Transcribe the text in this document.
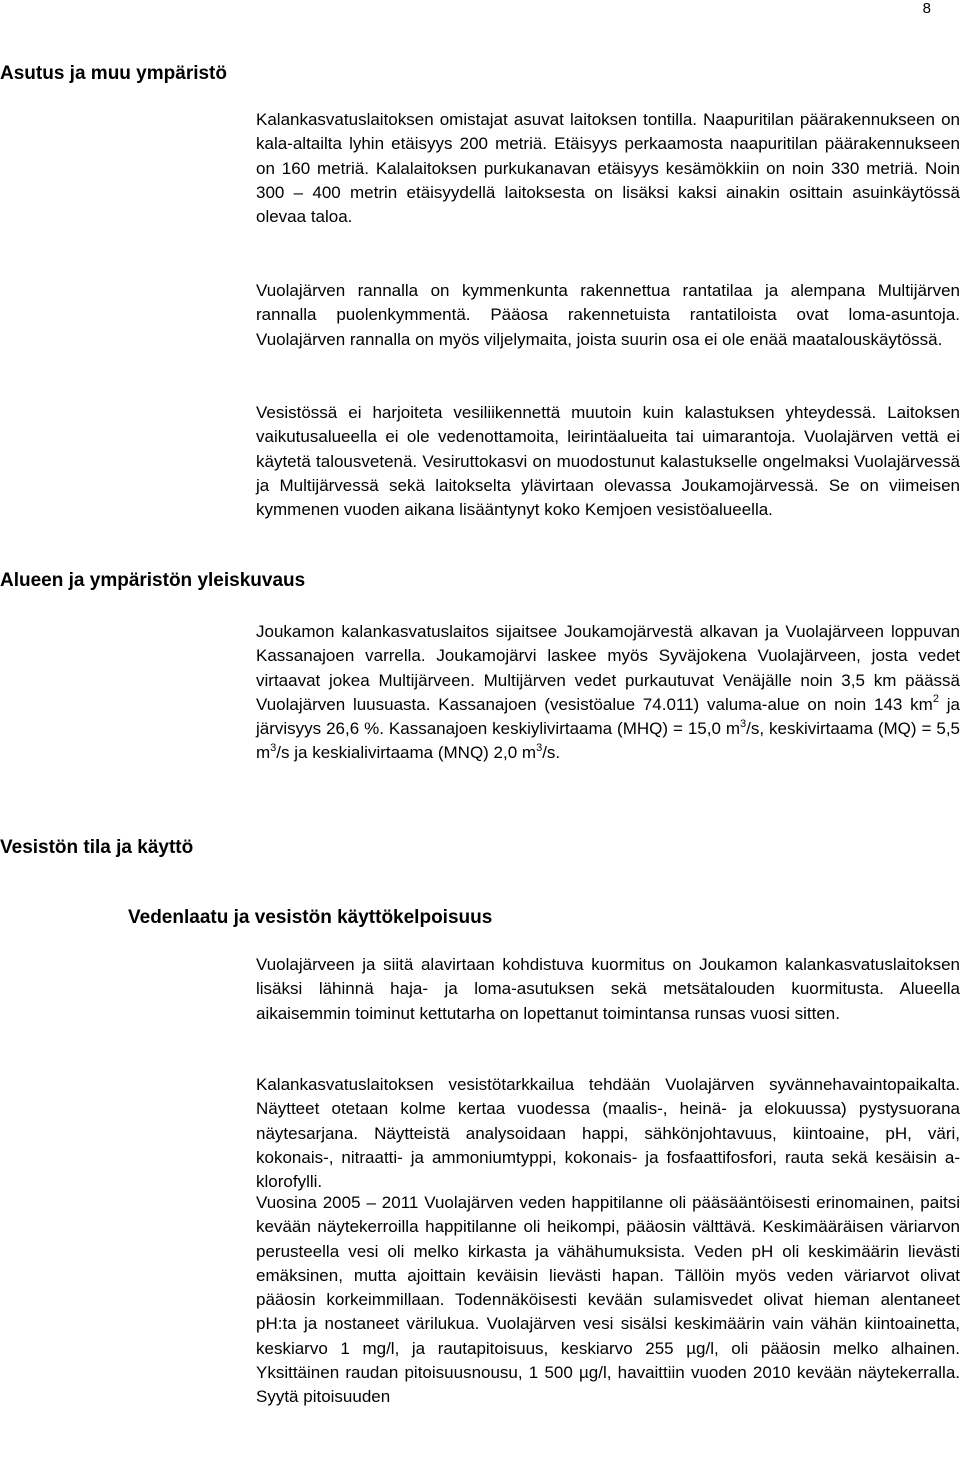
8
Asutus ja muu ympäristö

Kalankasvatuslaitoksen omistajat asuvat laitoksen tontilla. Naapuritilan päärakennukseen on kala-altailta lyhin etäisyys 200 metriä. Etäisyys perkaamosta naapuritilan päärakennukseen on 160 metriä. Kalalaitoksen purkukanavan etäisyys kesämökkiin on noin 330 metriä. Noin 300 – 400 metrin etäisyydellä laitoksesta on lisäksi kaksi ainakin osittain asuinkäytössä olevaa taloa.

Vuolajärven rannalla on kymmenkunta rakennettua rantatilaa ja alempana Multijärven rannalla puolenkymmentä. Pääosa rakennetuista rantatiloista ovat loma-asuntoja. Vuolajärven rannalla on myös viljelymaita, joista suurin osa ei ole enää maatalouskäytössä.

Vesistössä ei harjoiteta vesiliikennettä muutoin kuin kalastuksen yhteydessä. Laitoksen vaikutusalueella ei ole vedenottamoita, leirintäalueita tai uimarantoja. Vuolajärven vettä ei käytetä talousvetenä. Vesiruttokasvi on muodostunut kalastukselle ongelmaksi Vuolajärvessä ja Multijärvessä sekä laitokselta ylävirtaan olevassa Joukamojärvessä. Se on viimeisen kymmenen vuoden aikana lisääntynyt koko Kemjoen vesistöalueella.

Alueen ja ympäristön yleiskuvaus

Joukamon kalankasvatuslaitos sijaitsee Joukamojärvestä alkavan ja Vuolajärveen loppuvan Kassanajoen varrella. Joukamojärvi laskee myös Syväjokena Vuolajärveen, josta vedet virtaavat jokea Multijärveen. Multijärven vedet purkautuvat Venäjälle noin 3,5 km päässä Vuolajärven luusuasta. Kassanajoen (vesistöalue 74.011) valuma-alue on noin 143 $km^2$ ja järvisyys 26,6 %. Kassanajoen keskiylivirtaama (MHQ) = 15,0 $m^3/s$, keskivirtaama (MQ) = 5,5 $m^3/s$ ja keskialivirtaama (MNQ) 2,0 $m^3/s$.

Vesistön tila ja käyttö
Vedenlaatu ja vesistön käyttökelpoisuus

Vuolajärveen ja siitä alavirtaan kohdistuva kuormitus on Joukamon kalankasvatuslaitoksen lisäksi lähinnä haja- ja loma-asutuksen sekä metsätalouden kuormitusta. Alueella aikaisemmin toiminut kettutarha on lopettanut toimintansa runsas vuosi sitten.

Kalankasvatuslaitoksen vesistötarkkailua tehdään Vuolajärven syvännehavaintopaikalta. Näytteet otetaan kolme kertaa vuodessa (maalis-, heinä- ja elokuussa) pystysuorana näytesarjana. Näytteistä analysoidaan happi, sähkönjohtavuus, kiintoaine, pH, väri, kokonais-, nitraatti- ja ammoniumtyppi, kokonais- ja fosfaattifosfori, rauta sekä kesäisin a-klorofylli.

Vuosina 2005 – 2011 Vuolajärven veden happitilanne oli pääsääntöisesti erinomainen, paitsi kevään näytekerroilla happitilanne oli heikompi, pääosin välttävä. Keskimääräisen väriarvon perusteella vesi oli melko kirkasta ja vähähumuksista. Veden pH oli keskimäärin lievästi emäksinen, mutta ajoittain keväisin lievästi hapan. Tällöin myös veden väriarvot olivat pääosin korkeimmillaan. Todennäköisesti kevään sulamisvedet olivat hieman alentaneet pH:ta ja nostaneet värilukua. Vuolajärven vesi sisälsi keskimäärin vain vähän kiintoainetta, keskiarvo 1 mg/l, ja rautapitoisuus, keskiarvo 255 µg/l, oli pääosin melko alhainen. Yksittäinen raudan pitoisuusnousu, 1 500 µg/l, havaittiin vuoden 2010 kevään näytekerralla. Syytä pitoisuuden
